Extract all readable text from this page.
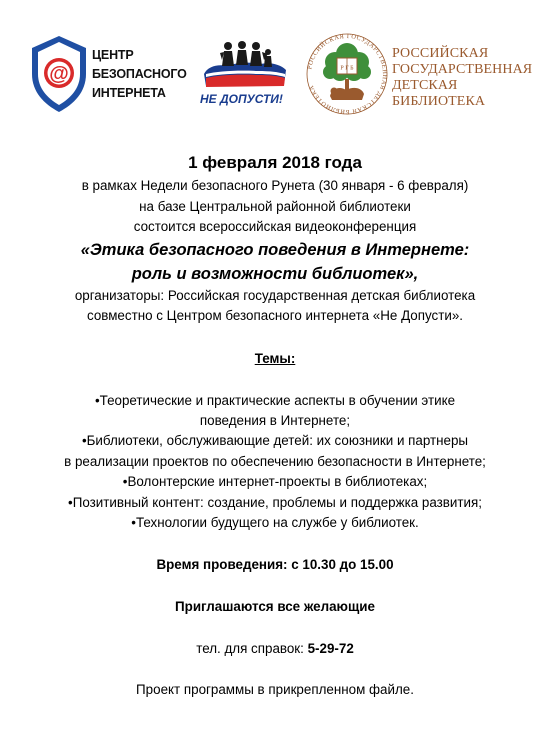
@
ЦЕНТР
БЕЗОПАСНОГО
ИНТЕРНЕТА	НЕ ДОПУСТИ!
РОССИЙСКАЯ ГОСУДАРСТВЕННАЯ ДЕТСКАЯ БИБЛИОТЕКА
Р Г Б
РОССИЙСКАЯ
ГОСУДАРСТВЕННАЯ
ДЕТСКАЯ
БИБЛИОТЕКА

1 февраля 2018 года

в рамках Недели безопасного Рунета (30 января - 6 февраля)

на базе Центральной районной библиотеки

состоится всероссийская видеоконференция

«Этика безопасного поведения в Интернете:

роль и возможности библиотек»,

организаторы: Российская государственная детская библиотека

совместно с Центром безопасного интернета «Не Допусти».

Темы:

•Теоретические и практические аспекты в обучении этике

поведения в Интернете;

•Библиотеки, обслуживающие детей: их союзники и партнеры

в реализации проектов по обеспечению безопасности в Интернете;

•Волонтерские интернет-проекты в библиотеках;

•Позитивный контент: создание, проблемы и поддержка развития;

•Технологии будущего на службе у библиотек.

Время проведения: с 10.30 до 15.00

Приглашаются все желающие

тел. для справок: 5-29-72

Проект программы в прикрепленном файле.
